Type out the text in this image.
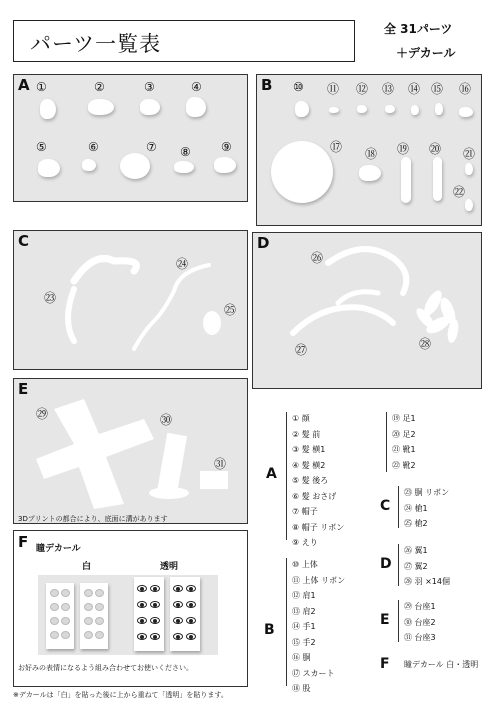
パーツ一覧表
全 31パーツ
＋デカール
A ①	②	③	④
⑤	⑥	⑦ ⑧	⑨
B ⑩ ⑪ ⑫ ⑬ ⑭ ⑮ ⑯
⑰ ⑱ ⑲ ⑳ ㉑
㉒
C
㉓
㉔
㉕
D
㉖
㉗	㉘
E
㉙	㉚
㉛
3Dプリントの都合により、底面に溝があります
F 瞳デカール
白	透明
お好みの表情になるよう組み合わせてお使いください。
※デカールは「白」を貼った後に上から重ねて「透明」を貼ります。
A
① 顔
② 髪 前
③ 髪 横1
④ 髪 横2
⑤ 髪 後ろ
⑥ 髪 おさげ
⑦ 帽子
⑧ 帽子 リボン
⑨ えり
B
⑩ 上体
⑪ 上体 リボン
⑫ 肩1
⑬ 肩2
⑭ 手1
⑮ 手2
⑯ 胴
⑰ スカート
⑱ 股
⑲ 足1
⑳ 足2
㉑ 靴1
㉒ 靴2
C
㉓ 胴 リボン
㉔ 槍1
㉕ 槍2
D
㉖ 翼1
㉗ 翼2
㉘ 羽 ×14個
E
㉙ 台座1
㉚ 台座2
㉛ 台座3
F 瞳デカール 白・透明
